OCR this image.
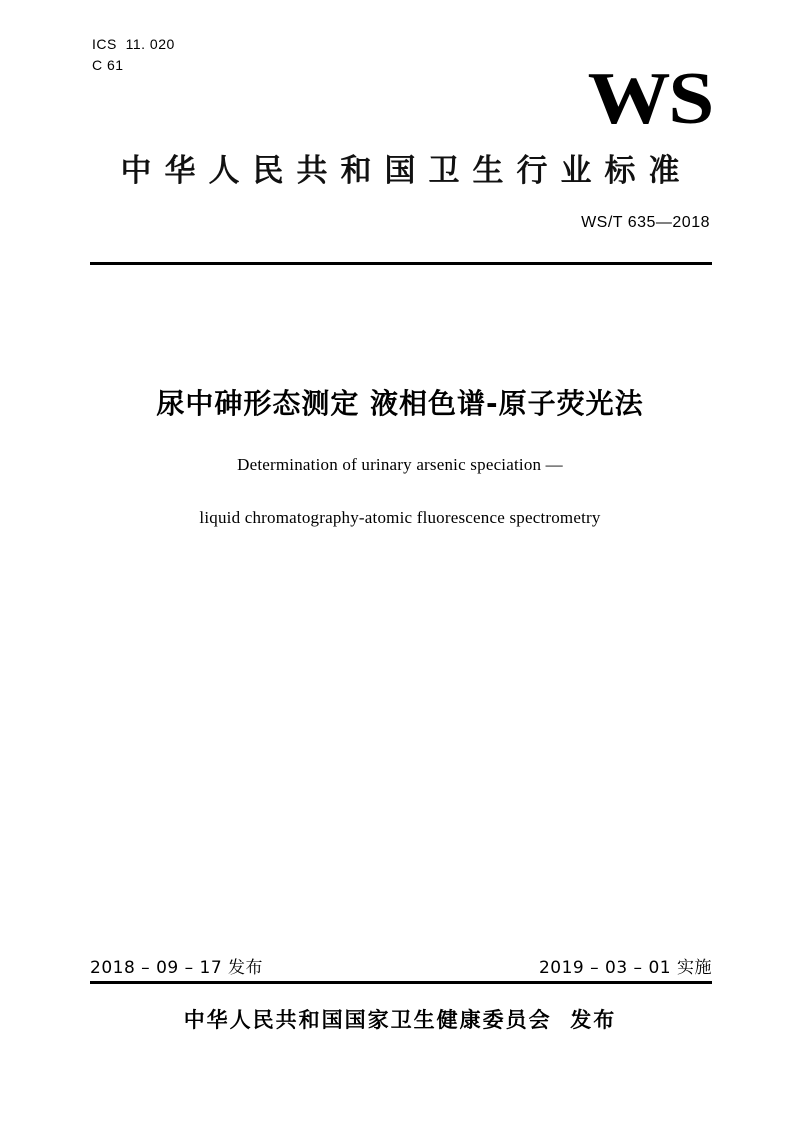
ICS  11. 020
C 61	WS
中华人民共和国卫生行业标准
WS/T 635—2018
尿中砷形态测定 液相色谱-原子荧光法
Determination of urinary arsenic speciation —
liquid chromatography-atomic fluorescence spectrometry
2018 – 09 – 17 发布	2019 – 03 – 01 实施
中华人民共和国国家卫生健康委员会  发布
